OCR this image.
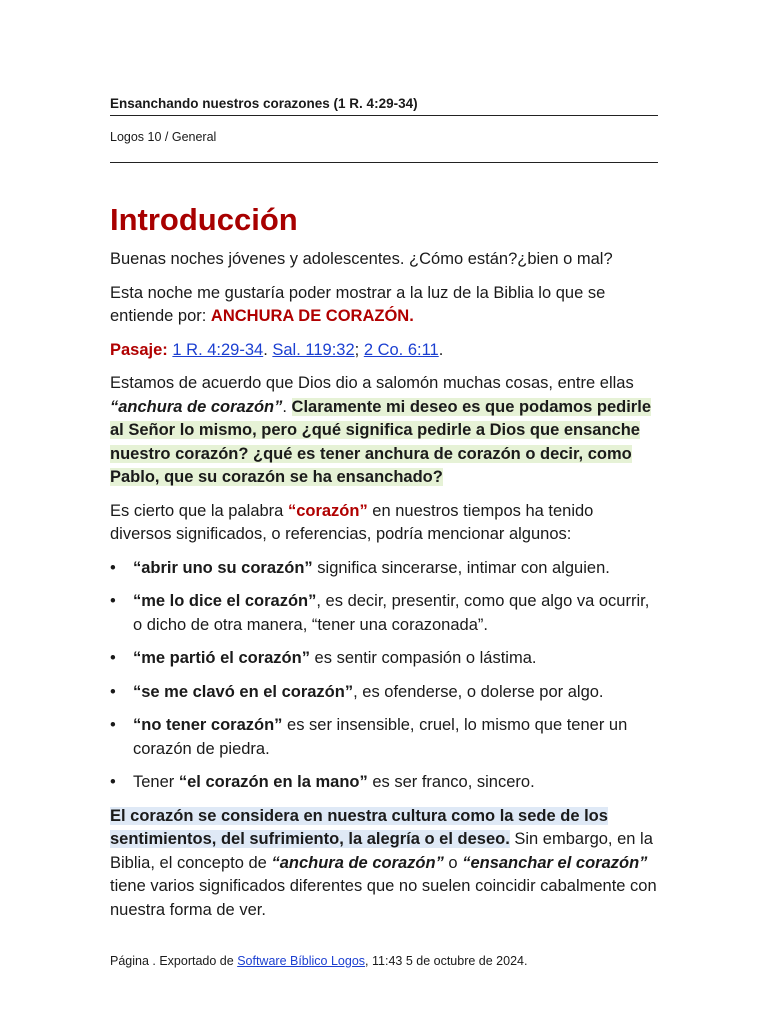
Ensanchando nuestros corazones (1 R. 4:29-34)
Logos 10 / General
Introducción

Buenas noches jóvenes y adolescentes. ¿Cómo están?¿bien o mal?

Esta noche me gustaría poder mostrar a la luz de la Biblia lo que se entiende por: ANCHURA DE CORAZÓN.

Pasaje: 1 R. 4:29-34. Sal. 119:32; 2 Co. 6:11.

Estamos de acuerdo que Dios dio a salomón muchas cosas, entre ellas “anchura de corazón”. Claramente mi deseo es que podamos pedirle al Señor lo mismo, pero ¿qué significa pedirle a Dios que ensanche nuestro corazón? ¿qué es tener anchura de corazón o decir, como Pablo, que su corazón se ha ensanchado?

Es cierto que la palabra “corazón” en nuestros tiempos ha tenido diversos significados, o referencias, podría mencionar algunos:

• “abrir uno su corazón” significa sincerarse, intimar con alguien.
• “me lo dice el corazón”, es decir, presentir, como que algo va ocurrir, o dicho de otra manera, “tener una corazonada”.
• “me partió el corazón” es sentir compasión o lástima.
• “se me clavó en el corazón”, es ofenderse, o dolerse por algo.
• “no tener corazón” es ser insensible, cruel, lo mismo que tener un corazón de piedra.
• Tener “el corazón en la mano” es ser franco, sincero.

El corazón se considera en nuestra cultura como la sede de los sentimientos, del sufrimiento, la alegría o el deseo. Sin embargo, en la Biblia, el concepto de “anchura de corazón” o “ensanchar el corazón” tiene varios significados diferentes que no suelen coincidir cabalmente con nuestra forma de ver.

Página . Exportado de Software Bíblico Logos, 11:43 5 de octubre de 2024.
